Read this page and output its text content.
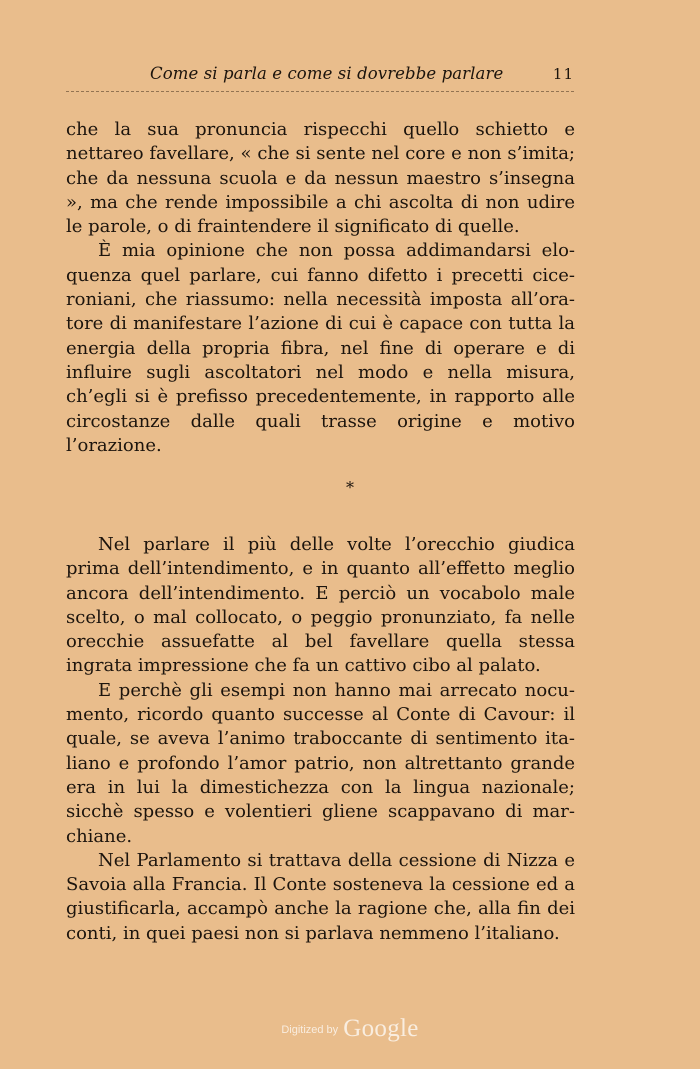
Come si parla e come si dovrebbe parlare	11

che la sua pronuncia rispecchi quello schietto e nettareo favellare, « che si sente nel core e non s’imita; che da nessuna scuola e da nessun maestro s’insegna », ma che rende impossibile a chi ascolta di non udire le parole, o di fraintendere il significato di quelle.

È mia opinione che non possa addimandarsi eloquenza quel parlare, cui fanno difetto i precetti ciceroniani, che riassumo: nella necessità imposta all’oratore di manifestare l’azione di cui è capace con tutta la energia della propria fibra, nel fine di operare e di influire sugli ascoltatori nel modo e nella misura, ch’egli si è prefisso precedentemente, in rapporto alle circostanze dalle quali trasse origine e motivo l’orazione.

*

Nel parlare il più delle volte l’orecchio giudica prima dell’intendimento, e in quanto all’effetto meglio ancora dell’intendimento. E perciò un vocabolo male scelto, o mal collocato, o peggio pronunziato, fa nelle orecchie assuefatte al bel favellare quella stessa ingrata impressione che fa un cattivo cibo al palato.

E perchè gli esempi non hanno mai arrecato nocumento, ricordo quanto successe al Conte di Cavour: il quale, se aveva l’animo traboccante di sentimento italiano e profondo l’amor patrio, non altrettanto grande era in lui la dimestichezza con la lingua nazionale; sicchè spesso e volentieri gliene scappavano di marchiane.

Nel Parlamento si trattava della cessione di Nizza e Savoia alla Francia. Il Conte sosteneva la cessione ed a giustificarla, accampò anche la ragione che, alla fin dei conti, in quei paesi non si parlava nemmeno l’italiano.

Digitized by Google
